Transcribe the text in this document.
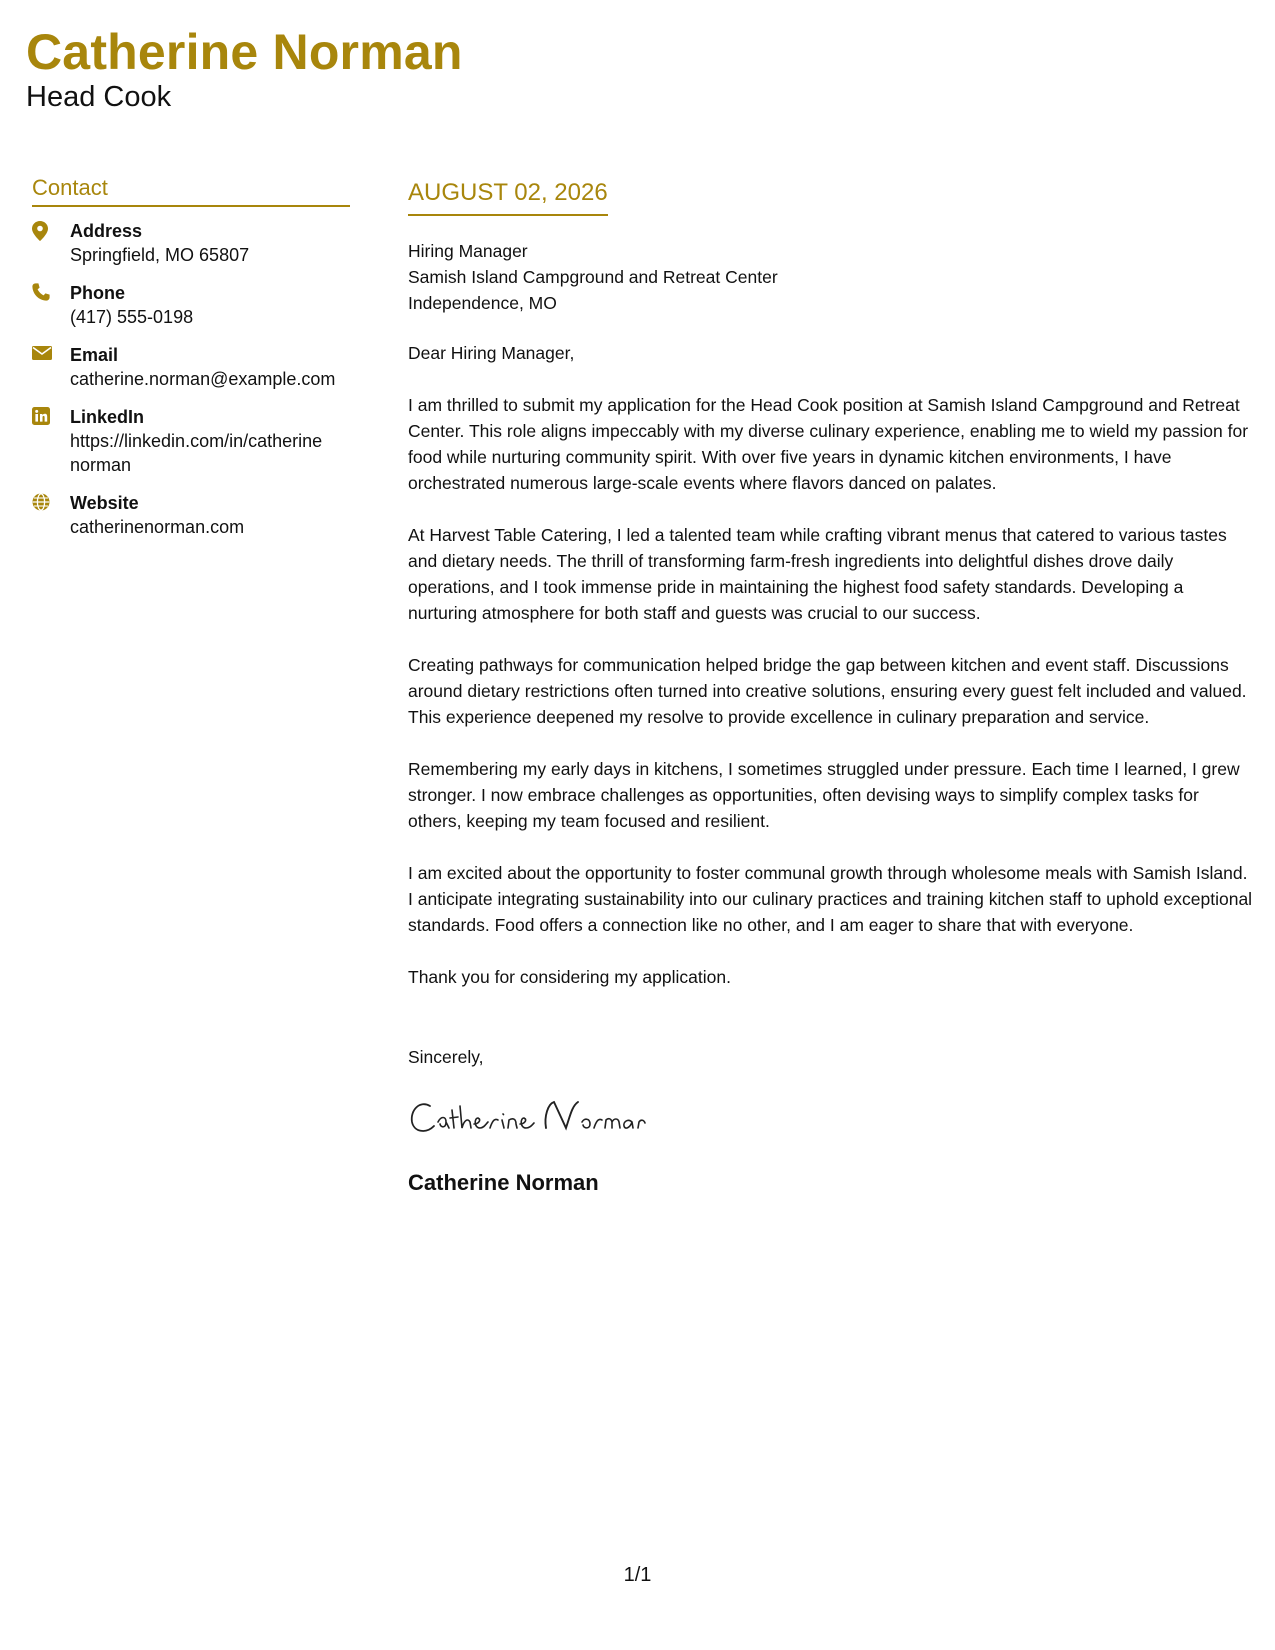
Catherine Norman
Head Cook
Contact
Address
Springfield, MO 65807
Phone
(417) 555-0198
Email
catherine.norman@example.com
LinkedIn
https://linkedin.com/in/catherine norman
Website
catherinenorman.com
AUGUST 02, 2026
Hiring Manager
Samish Island Campground and Retreat Center
Independence, MO

Dear Hiring Manager,

I am thrilled to submit my application for the Head Cook position at Samish Island Campground and Retreat Center. This role aligns impeccably with my diverse culinary experience, enabling me to wield my passion for food while nurturing community spirit. With over five years in dynamic kitchen environments, I have orchestrated numerous large-scale events where flavors danced on palates.

At Harvest Table Catering, I led a talented team while crafting vibrant menus that catered to various tastes and dietary needs. The thrill of transforming farm-fresh ingredients into delightful dishes drove daily operations, and I took immense pride in maintaining the highest food safety standards. Developing a nurturing atmosphere for both staff and guests was crucial to our success.

Creating pathways for communication helped bridge the gap between kitchen and event staff. Discussions around dietary restrictions often turned into creative solutions, ensuring every guest felt included and valued. This experience deepened my resolve to provide excellence in culinary preparation and service.

Remembering my early days in kitchens, I sometimes struggled under pressure. Each time I learned, I grew stronger. I now embrace challenges as opportunities, often devising ways to simplify complex tasks for others, keeping my team focused and resilient.

I am excited about the opportunity to foster communal growth through wholesome meals with Samish Island. I anticipate integrating sustainability into our culinary practices and training kitchen staff to uphold exceptional standards. Food offers a connection like no other, and I am eager to share that with everyone.

Thank you for considering my application.

Sincerely,
Catherine Norman
1/1
